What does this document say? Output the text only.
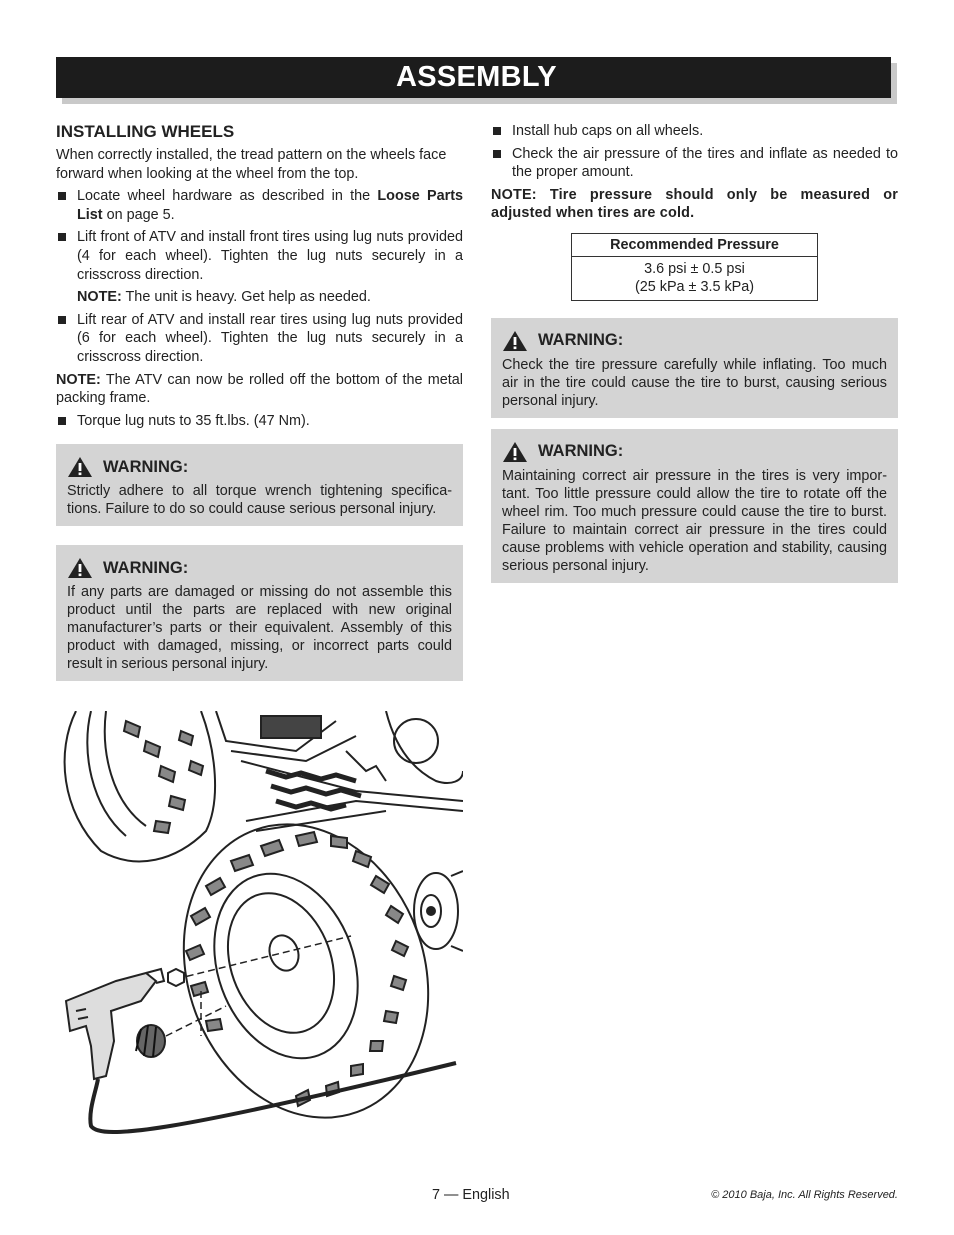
ASSEMBLY
INSTALLING WHEELS

When correctly installed, the tread pattern on the wheels face forward when looking at the wheel from the top.

Locate wheel hardware as described in the Loose Parts List on page 5.
Lift front of ATV and install front tires using lug nuts provided (4 for each wheel). Tighten the lug nuts securely in a crisscross direction.

NOTE: The unit is heavy. Get help as needed.

Lift rear of ATV and install rear tires using lug nuts provided (6 for each wheel). Tighten the lug nuts securely in a crisscross direction.

NOTE: The ATV can now be rolled off the bottom of the metal packing frame.

Torque lug nuts to 35 ft.lbs. (47 Nm).
WARNING:

Strictly adhere to all torque wrench tightening specifica-tions. Failure to do so could cause serious personal injury.

WARNING:

If any parts are damaged or missing do not assemble this product until the parts are replaced with new original manufacturer’s parts or their equivalent. Assembly of this product with damaged, missing, or incorrect parts could result in serious personal injury.

Install hub caps on all wheels.
Check the air pressure of the tires and inflate as needed to the proper amount.

NOTE: Tire pressure should only be measured or adjusted when tires are cold.

Recommended Pressure

3.6 psi ± 0.5 psi
(25 kPa ± 3.5 kPa)
WARNING:

Check the tire pressure carefully while inflating. Too much air in the tire could cause the tire to burst, causing serious personal injury.

WARNING:

Maintaining correct air pressure in the tires is very impor-tant. Too little pressure could allow the tire to rotate off the wheel rim. Too much pressure could cause the tire to burst. Failure to maintain correct air pressure in the tires could cause problems with vehicle operation and stability, causing serious personal injury.

7 — English	© 2010 Baja, Inc. All Rights Reserved.
